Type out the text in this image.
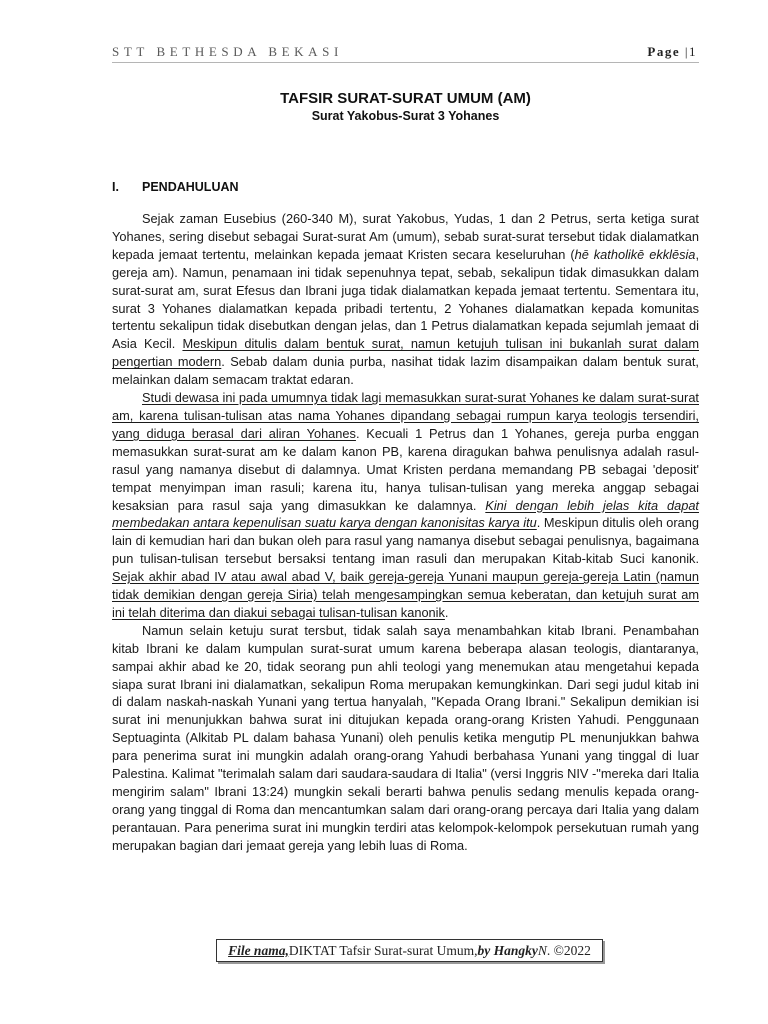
STT BETHESDA BEKASI	Page |1
TAFSIR SURAT-SURAT UMUM (AM)
Surat Yakobus-Surat 3 Yohanes
I. PENDAHULUAN

Sejak zaman Eusebius (260-340 M), surat Yakobus, Yudas, 1 dan 2 Petrus, serta ketiga surat Yohanes, sering disebut sebagai Surat-surat Am (umum), sebab surat-surat tersebut tidak dialamatkan kepada jemaat tertentu, melainkan kepada jemaat Kristen secara keseluruhan (hē katholikē ekklēsia, gereja am). Namun, penamaan ini tidak sepenuhnya tepat, sebab, sekalipun tidak dimasukkan dalam surat-surat am, surat Efesus dan Ibrani juga tidak dialamatkan kepada jemaat tertentu. Sementara itu, surat 3 Yohanes dialamatkan kepada pribadi tertentu, 2 Yohanes dialamatkan kepada komunitas tertentu sekalipun tidak disebutkan dengan jelas, dan 1 Petrus dialamatkan kepada sejumlah jemaat di Asia Kecil. Meskipun ditulis dalam bentuk surat, namun ketujuh tulisan ini bukanlah surat dalam pengertian modern. Sebab dalam dunia purba, nasihat tidak lazim disampaikan dalam bentuk surat, melainkan dalam semacam traktat edaran.

Studi dewasa ini pada umumnya tidak lagi memasukkan surat-surat Yohanes ke dalam surat-surat am, karena tulisan-tulisan atas nama Yohanes dipandang sebagai rumpun karya teologis tersendiri, yang diduga berasal dari aliran Yohanes. Kecuali 1 Petrus dan 1 Yohanes, gereja purba enggan memasukkan surat-surat am ke dalam kanon PB, karena diragukan bahwa penulisnya adalah rasul-rasul yang namanya disebut di dalamnya. Umat Kristen perdana memandang PB sebagai 'deposit' tempat menyimpan iman rasuli; karena itu, hanya tulisan-tulisan yang mereka anggap sebagai kesaksian para rasul saja yang dimasukkan ke dalamnya. Kini dengan lebih jelas kita dapat membedakan antara kepenulisan suatu karya dengan kanonisitas karya itu. Meskipun ditulis oleh orang lain di kemudian hari dan bukan oleh para rasul yang namanya disebut sebagai penulisnya, bagaimana pun tulisan-tulisan tersebut bersaksi tentang iman rasuli dan merupakan Kitab-kitab Suci kanonik. Sejak akhir abad IV atau awal abad V, baik gereja-gereja Yunani maupun gereja-gereja Latin (namun tidak demikian dengan gereja Siria) telah mengesampingkan semua keberatan, dan ketujuh surat am ini telah diterima dan diakui sebagai tulisan-tulisan kanonik.

Namun selain ketuju surat tersbut, tidak salah saya menambahkan kitab Ibrani. Penambahan kitab Ibrani ke dalam kumpulan surat-surat umum karena beberapa alasan teologis, diantaranya, sampai akhir abad ke 20, tidak seorang pun ahli teologi yang menemukan atau mengetahui kepada siapa surat Ibrani ini dialamatkan, sekalipun Roma merupakan kemungkinkan. Dari segi judul kitab ini di dalam naskah-naskah Yunani yang tertua hanyalah, "Kepada Orang Ibrani." Sekalipun demikian isi surat ini menunjukkan bahwa surat ini ditujukan kepada orang-orang Kristen Yahudi. Penggunaan Septuaginta (Alkitab PL dalam bahasa Yunani) oleh penulis ketika mengutip PL menunjukkan bahwa para penerima surat ini mungkin adalah orang-orang Yahudi berbahasa Yunani yang tinggal di luar Palestina. Kalimat "terimalah salam dari saudara-saudara di Italia" (versi Inggris NIV -"mereka dari Italia mengirim salam" Ibrani 13:24) mungkin sekali berarti bahwa penulis sedang menulis kepada orang-orang yang tinggal di Roma dan mencantumkan salam dari orang-orang percaya dari Italia yang dalam perantauan. Para penerima surat ini mungkin terdiri atas kelompok-kelompok persekutuan rumah yang merupakan bagian dari jemaat gereja yang lebih luas di Roma.

File nama, DIKTAT Tafsir Surat-surat Umum, by Hangky N . ©2022
